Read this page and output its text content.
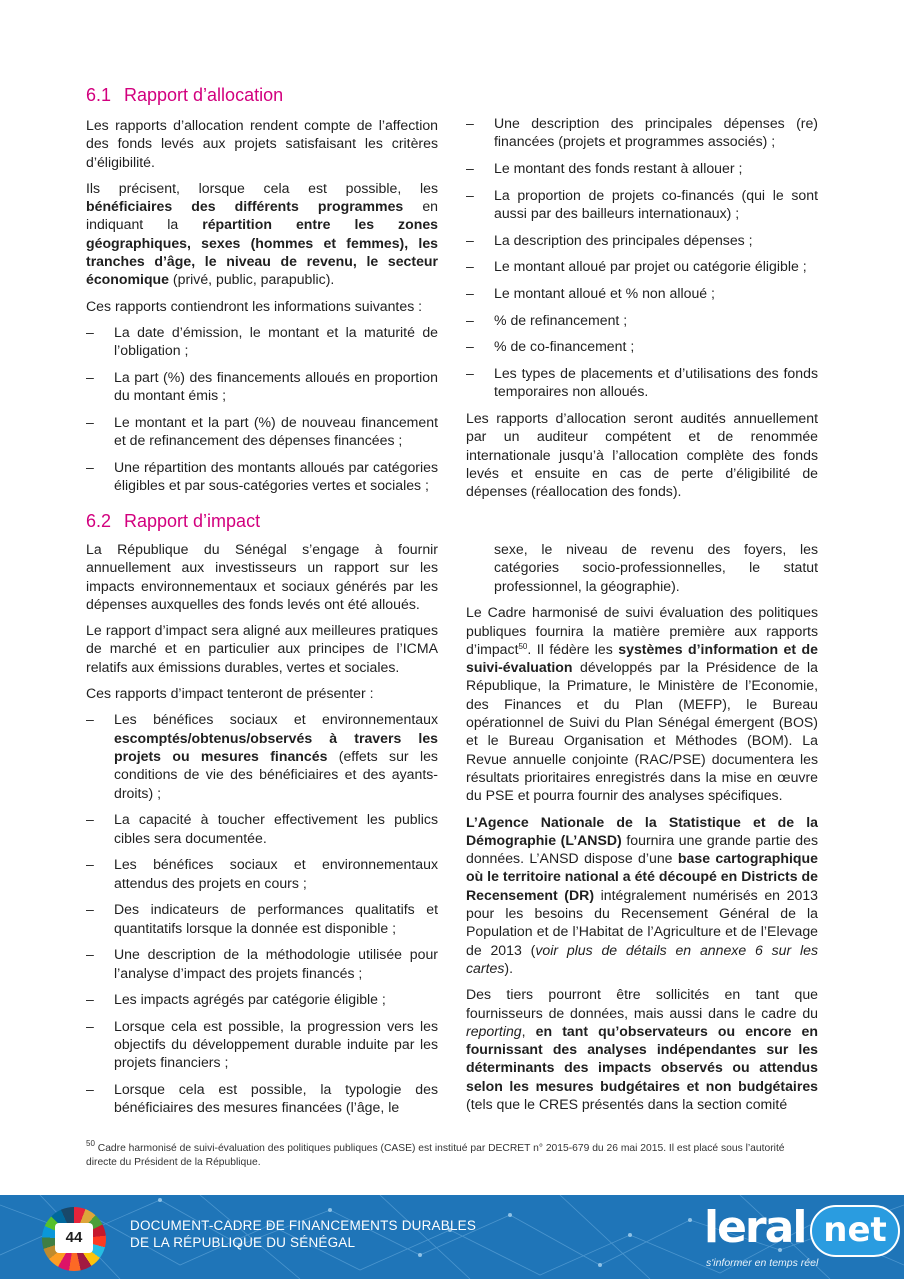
6.1 Rapport d’allocation

Les rapports d’allocation rendent compte de l’affection des fonds levés aux projets satisfaisant les critères d’éligibilité.

Ils précisent, lorsque cela est possible, les bénéficiaires des différents programmes en indiquant la répartition entre les zones géographiques, sexes (hommes et femmes), les tranches d’âge, le niveau de revenu, le secteur économique (privé, public, parapublic).

Ces rapports contiendront les informations suivantes :

– La date d’émission, le montant et la maturité de l’obligation ;
– La part (%) des financements alloués en proportion du montant émis ;
– Le montant et la part (%) de nouveau financement et de refinancement des dépenses financées ;
– Une répartition des montants alloués par catégories éligibles et par sous-catégories vertes et sociales ;
– Une description des principales dépenses (re) financées (projets et programmes associés) ;
– Le montant des fonds restant à allouer ;
– La proportion de projets co-financés (qui le sont aussi par des bailleurs internationaux) ;
– La description des principales dépenses ;
– Le montant alloué par projet ou catégorie éligible ;
– Le montant alloué et % non alloué ;
– % de refinancement ;
– % de co-financement ;
– Les types de placements et d’utilisations des fonds temporaires non alloués.

Les rapports d’allocation seront audités annuellement par un auditeur compétent et de renommée internationale jusqu’à l’allocation complète des fonds levés et ensuite en cas de perte d’éligibilité de dépenses (réallocation des fonds).

6.2 Rapport d’impact

La République du Sénégal s’engage à fournir annuellement aux investisseurs un rapport sur les impacts environnementaux et sociaux générés par les dépenses auxquelles des fonds levés ont été alloués.

Le rapport d’impact sera aligné aux meilleures pratiques de marché et en particulier aux principes de l’ICMA relatifs aux émissions durables, vertes et sociales.

Ces rapports d’impact tenteront de présenter :

– Les bénéfices sociaux et environnementaux escomptés/obtenus/observés à travers les projets ou mesures financés (effets sur les conditions de vie des bénéficiaires et des ayants-droits) ;
– La capacité à toucher effectivement les publics cibles sera documentée.
– Les bénéfices sociaux et environnementaux attendus des projets en cours ;
– Des indicateurs de performances qualitatifs et quantitatifs lorsque la donnée est disponible ;
– Une description de la méthodologie utilisée pour l’analyse d’impact des projets financés ;
– Les impacts agrégés par catégorie éligible ;
– Lorsque cela est possible, la progression vers les objectifs du développement durable induite par les projets financiers ;
– Lorsque cela est possible, la typologie des bénéficiaires des mesures financées (l’âge, le
sexe, le niveau de revenu des foyers, les catégories socio-professionnelles, le statut professionnel, la géographie).

Le Cadre harmonisé de suivi évaluation des politiques publiques fournira la matière première aux rapports d’impact$^{50}$. Il fédère les systèmes d’information et de suivi-évaluation développés par la Présidence de la République, la Primature, le Ministère de l’Economie, des Finances et du Plan (MEFP), le Bureau opérationnel de Suivi du Plan Sénégal émergent (BOS) et le Bureau Organisation et Méthodes (BOM). La Revue annuelle conjointe (RAC/PSE) documentera les résultats prioritaires enregistrés dans la mise en œuvre du PSE et pourra fournir des analyses spécifiques.

L’Agence Nationale de la Statistique et de la Démographie (L’ANSD) fournira une grande partie des données. L’ANSD dispose d’une base cartographique où le territoire national a été découpé en Districts de Recensement (DR) intégralement numérisés en 2013 pour les besoins du Recensement Général de la Population et de l’Habitat de l’Agriculture et de l’Elevage de 2013 (voir plus de détails en annexe 6 sur les cartes).

Des tiers pourront être sollicités en tant que fournisseurs de données, mais aussi dans le cadre du reporting, en tant qu’observateurs ou encore en fournissant des analyses indépendantes sur les déterminants des impacts observés ou attendus selon les mesures budgétaires et non budgétaires (tels que le CRES présentés dans la section comité

$^{50}$ Cadre harmonisé de suivi-évaluation des politiques publiques (CASE) est institué par DECRET n° 2015-679 du 26 mai 2015. Il est placé sous l’autorité directe du Président de la République.
44
DOCUMENT-CADRE DE FINANCEMENTS DURABLES
DE LA RÉPUBLIQUE DU SÉNÉGAL	leral net
s'informer en temps réel
